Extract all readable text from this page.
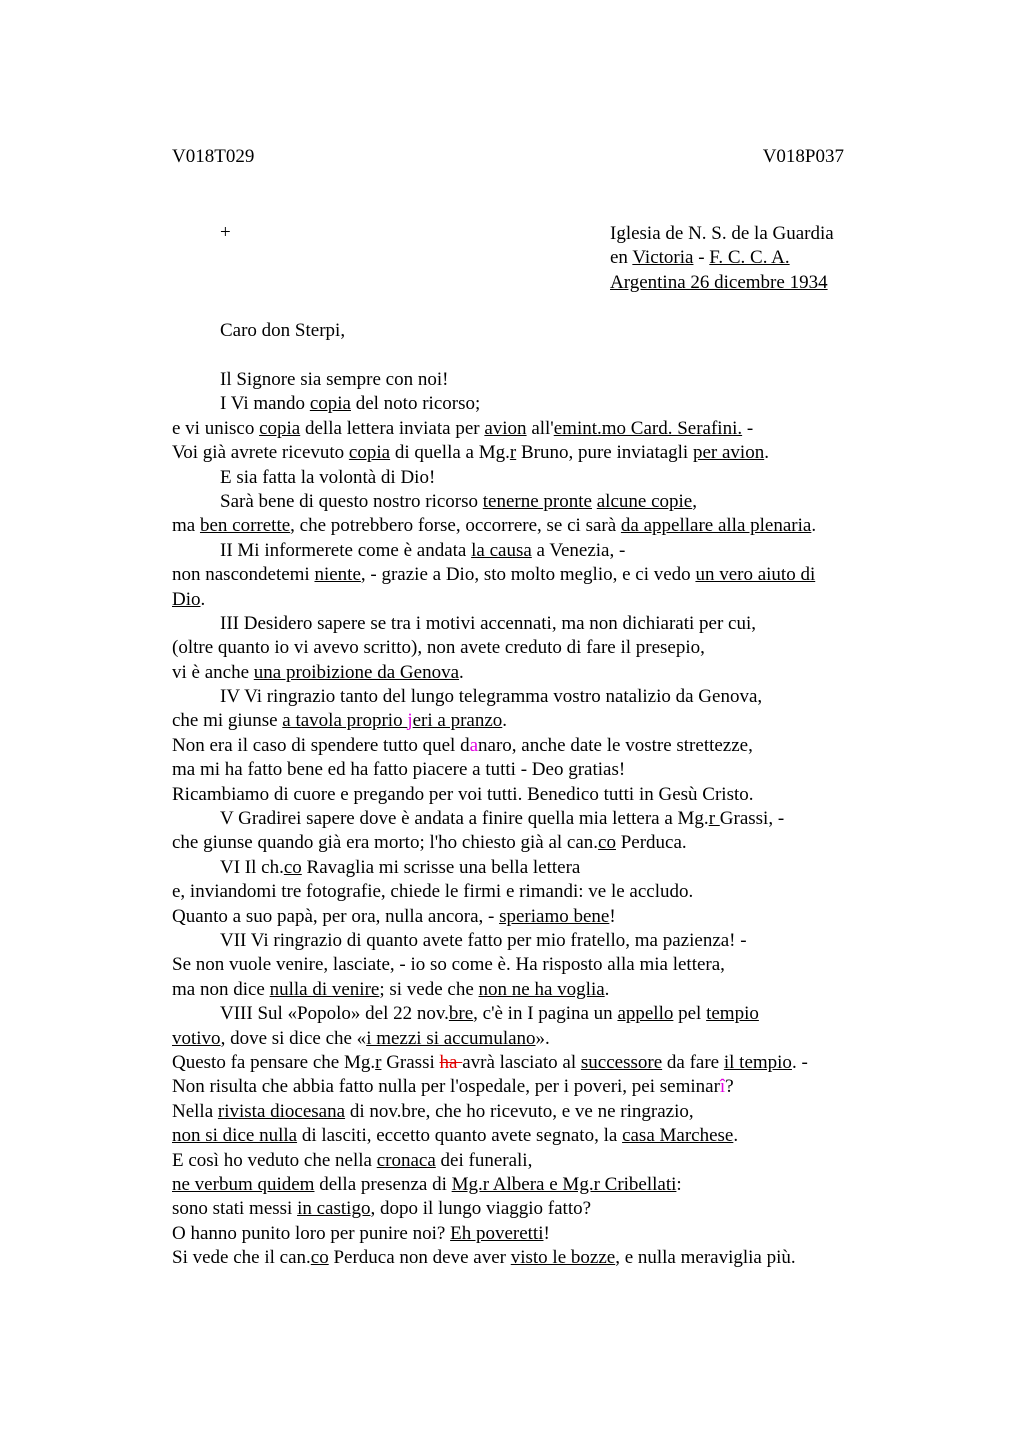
V018T029	V018P037
+	Iglesia de N. S. de la Guardia
en Victoria - F. C. C. A.
Argentina 26 dicembre 1934
Caro don Sterpi,
Il Signore sia sempre con noi!
I Vi mando copia del noto ricorso;
e vi unisco copia della lettera inviata per avion all'emint.mo Card. Serafini. -
Voi già avrete ricevuto copia di quella a Mg.r Bruno, pure inviatagli per avion.
E sia fatta la volontà di Dio!
Sarà bene di questo nostro ricorso tenerne pronte alcune copie,
ma ben corrette, che potrebbero forse, occorrere, se ci sarà da appellare alla plenaria.
II Mi informerete come è andata la causa a Venezia, -
non nascondetemi niente, - grazie a Dio, sto molto meglio, e ci vedo un vero aiuto di
Dio.
III Desidero sapere se tra i motivi accennati, ma non dichiarati per cui,
(oltre quanto io vi avevo scritto), non avete creduto di fare il presepio,
vi è anche una proibizione da Genova.
IV Vi ringrazio tanto del lungo telegramma vostro natalizio da Genova,
che mi giunse a tavola proprio jeri a pranzo.
Non era il caso di spendere tutto quel danaro, anche date le vostre strettezze,
ma mi ha fatto bene ed ha fatto piacere a tutti - Deo gratias!
Ricambiamo di cuore e pregando per voi tutti. Benedico tutti in Gesù Cristo.
V Gradirei sapere dove è andata a finire quella mia lettera a Mg.r Grassi, -
che giunse quando già era morto; l'ho chiesto già al can.co Perduca.
VI Il ch.co Ravaglia mi scrisse una bella lettera
e, inviandomi tre fotografie, chiede le firmi e rimandi: ve le accludo.
Quanto a suo papà, per ora, nulla ancora, - speriamo bene!
VII Vi ringrazio di quanto avete fatto per mio fratello, ma pazienza! -
Se non vuole venire, lasciate, - io so come è. Ha risposto alla mia lettera,
ma non dice nulla di venire; si vede che non ne ha voglia.
VIII Sul «Popolo» del 22 nov.bre, c'è in I pagina un appello pel tempio
votivo, dove si dice che «i mezzi si accumulano».
Questo fa pensare che Mg.r Grassi ha avrà lasciato al successore da fare il tempio. -
Non risulta che abbia fatto nulla per l'ospedale, per i poveri, pei seminarî?
Nella rivista diocesana di nov.bre, che ho ricevuto, e ve ne ringrazio,
non si dice nulla di lasciti, eccetto quanto avete segnato, la casa Marchese.
E così ho veduto che nella cronaca dei funerali,
ne verbum quidem della presenza di Mg.r Albera e Mg.r Cribellati:
sono stati messi in castigo, dopo il lungo viaggio fatto?
O hanno punito loro per punire noi? Eh poveretti!
Si vede che il can.co Perduca non deve aver visto le bozze, e nulla meraviglia più.
